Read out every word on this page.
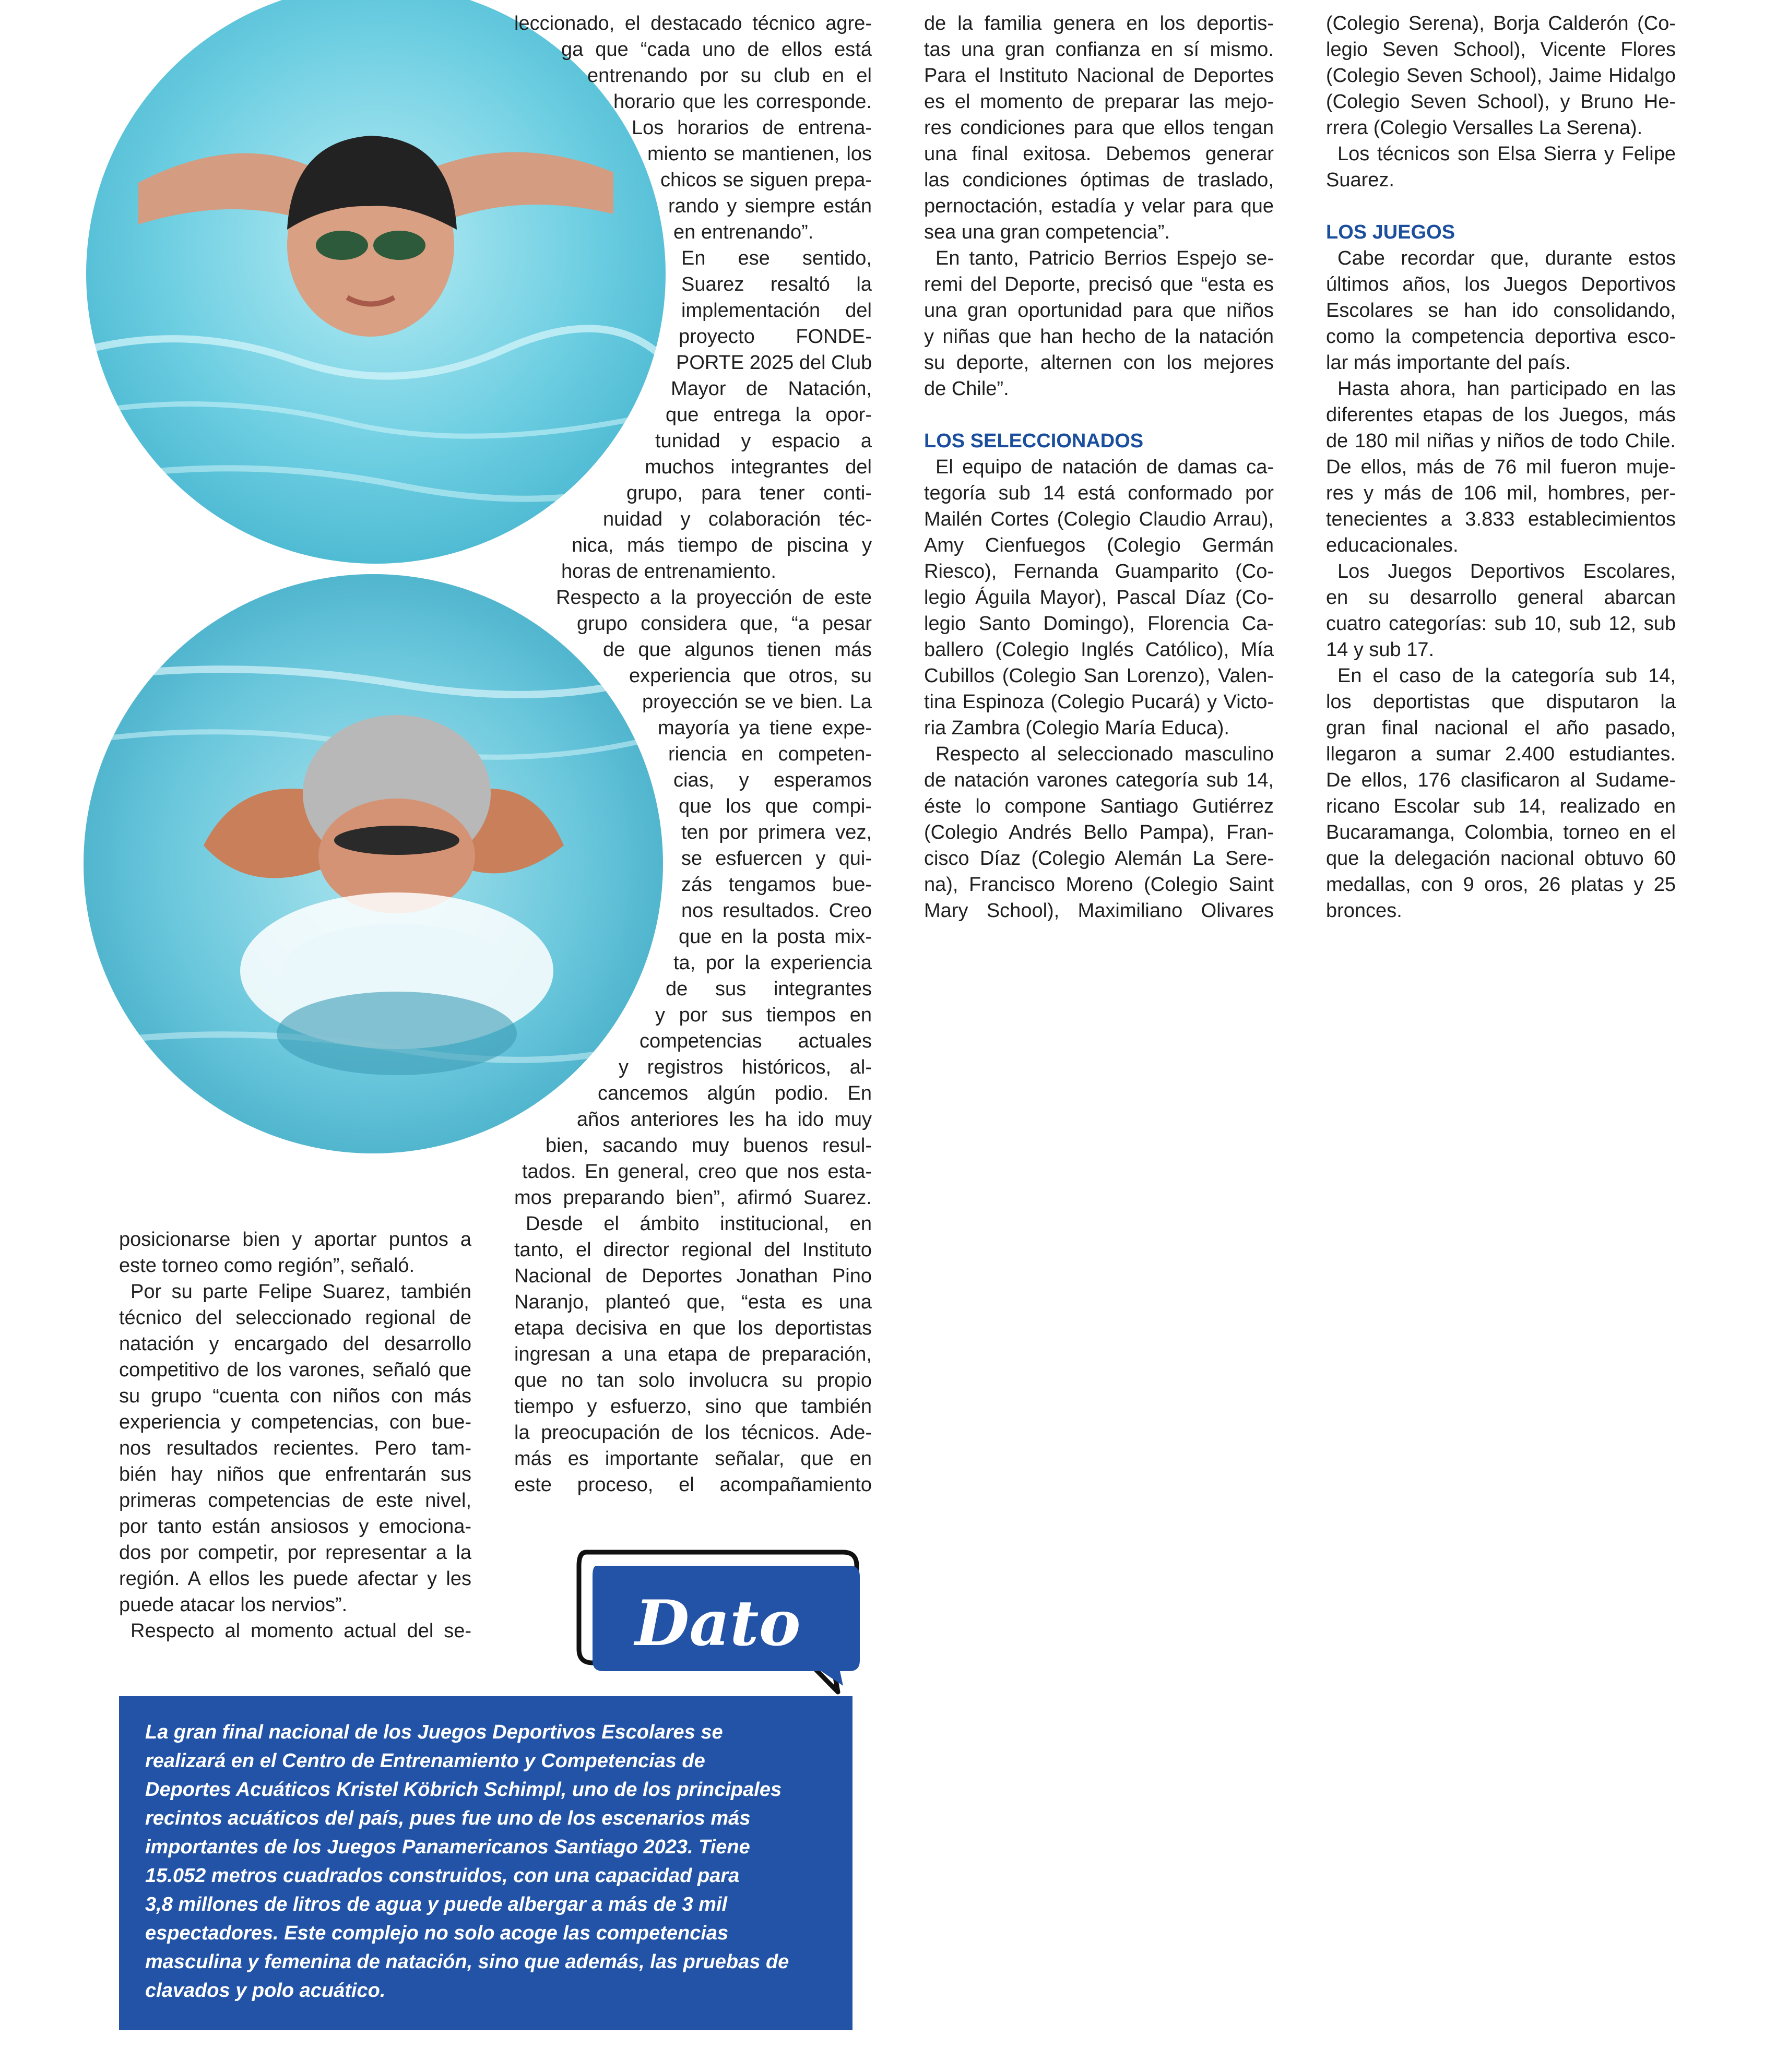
posicionarse bien y aportar puntos a
este torneo como región”, señaló.
Por su parte Felipe Suarez, también
técnico del seleccionado regional de
natación y encargado del desarrollo
competitivo de los varones, señaló que
su grupo “cuenta con niños con más
experiencia y competencias, con bue-
nos resultados recientes. Pero tam-
bién hay niños que enfrentarán sus
primeras competencias de este nivel,
por tanto están ansiosos y emociona-
dos por competir, por representar a la
región. A ellos les puede afectar y les
puede atacar los nervios”.
Respecto al momento actual del se-
leccionado, el destacado técnico agre-
ga que “cada uno de ellos está
entrenando por su club en el
horario que les corresponde.
Los horarios de entrena-
miento se mantienen, los
chicos se siguen prepa-
rando y siempre están
en entrenando”.
En ese sentido,
Suarez resaltó la
implementación del
proyecto FONDE-
PORTE 2025 del Club
Mayor de Natación,
que entrega la opor-
tunidad y espacio a
muchos integrantes del
grupo, para tener conti-
nuidad y colaboración téc-
nica, más tiempo de piscina y
horas de entrenamiento.
Respecto a la proyección de este
grupo considera que, “a pesar
de que algunos tienen más
experiencia que otros, su
proyección se ve bien. La
mayoría ya tiene expe-
riencia en competen-
cias, y esperamos
que los que compi-
ten por primera vez,
se esfuercen y qui-
zás tengamos bue-
nos resultados. Creo
que en la posta mix-
ta, por la experiencia
de sus integrantes
y por sus tiempos en
competencias actuales
y registros históricos, al-
cancemos algún podio. En
años anteriores les ha ido muy
bien, sacando muy buenos resul-
tados. En general, creo que nos esta-
mos preparando bien”, afirmó Suarez.
Desde el ámbito institucional, en
tanto, el director regional del Instituto
Nacional de Deportes Jonathan Pino
Naranjo, planteó que, “esta es una
etapa decisiva en que los deportistas
ingresan a una etapa de preparación,
que no tan solo involucra su propio
tiempo y esfuerzo, sino que también
la preocupación de los técnicos. Ade-
más es importante señalar, que en
este proceso, el acompañamiento
de la familia genera en los deportis-
tas una gran confianza en sí mismo.
Para el Instituto Nacional de Deportes
es el momento de preparar las mejo-
res condiciones para que ellos tengan
una final exitosa. Debemos generar
las condiciones óptimas de traslado,
pernoctación, estadía y velar para que
sea una gran competencia”.
En tanto, Patricio Berrios Espejo se-
remi del Deporte, precisó que “esta es
una gran oportunidad para que niños
y niñas que han hecho de la natación
su deporte, alternen con los mejores
de Chile”.
LOS SELECCIONADOS
El equipo de natación de damas ca-
tegoría sub 14 está conformado por
Mailén Cortes (Colegio Claudio Arrau),
Amy Cienfuegos (Colegio Germán
Riesco), Fernanda Guamparito (Co-
legio Águila Mayor), Pascal Díaz (Co-
legio Santo Domingo), Florencia Ca-
ballero (Colegio Inglés Católico), Mía
Cubillos (Colegio San Lorenzo), Valen-
tina Espinoza (Colegio Pucará) y Victo-
ria Zambra (Colegio María Educa).
Respecto al seleccionado masculino
de natación varones categoría sub 14,
éste lo compone Santiago Gutiérrez
(Colegio Andrés Bello Pampa), Fran-
cisco Díaz (Colegio Alemán La Sere-
na), Francisco Moreno (Colegio Saint
Mary School), Maximiliano Olivares
(Colegio Serena), Borja Calderón (Co-
legio Seven School), Vicente Flores
(Colegio Seven School), Jaime Hidalgo
(Colegio Seven School), y Bruno He-
rrera (Colegio Versalles La Serena).
Los técnicos son Elsa Sierra y Felipe
Suarez.
LOS JUEGOS
Cabe recordar que, durante estos
últimos años, los Juegos Deportivos
Escolares se han ido consolidando,
como la competencia deportiva esco-
lar más importante del país.
Hasta ahora, han participado en las
diferentes etapas de los Juegos, más
de 180 mil niñas y niños de todo Chile.
De ellos, más de 76 mil fueron muje-
res y más de 106 mil, hombres, per-
tenecientes a 3.833 establecimientos
educacionales.
Los Juegos Deportivos Escolares,
en su desarrollo general abarcan
cuatro categorías: sub 10, sub 12, sub
14 y sub 17.
En el caso de la categoría sub 14,
los deportistas que disputaron la
gran final nacional el año pasado,
llegaron a sumar 2.400 estudiantes.
De ellos, 176 clasificaron al Sudame-
ricano Escolar sub 14, realizado en
Bucaramanga, Colombia, torneo en el
que la delegación nacional obtuvo 60
medallas, con 9 oros, 26 platas y 25
bronces.
Dato
La gran final nacional de los Juegos Deportivos Escolares se
realizará en el Centro de Entrenamiento y Competencias de
Deportes Acuáticos Kristel Köbrich Schimpl, uno de los principales
recintos acuáticos del país, pues fue uno de los escenarios más
importantes de los Juegos Panamericanos Santiago 2023. Tiene
15.052 metros cuadrados construidos, con una capacidad para
3,8 millones de litros de agua y puede albergar a más de 3 mil
espectadores. Este complejo no solo acoge las competencias
masculina y femenina de natación, sino que además, las pruebas de
clavados y polo acuático.
